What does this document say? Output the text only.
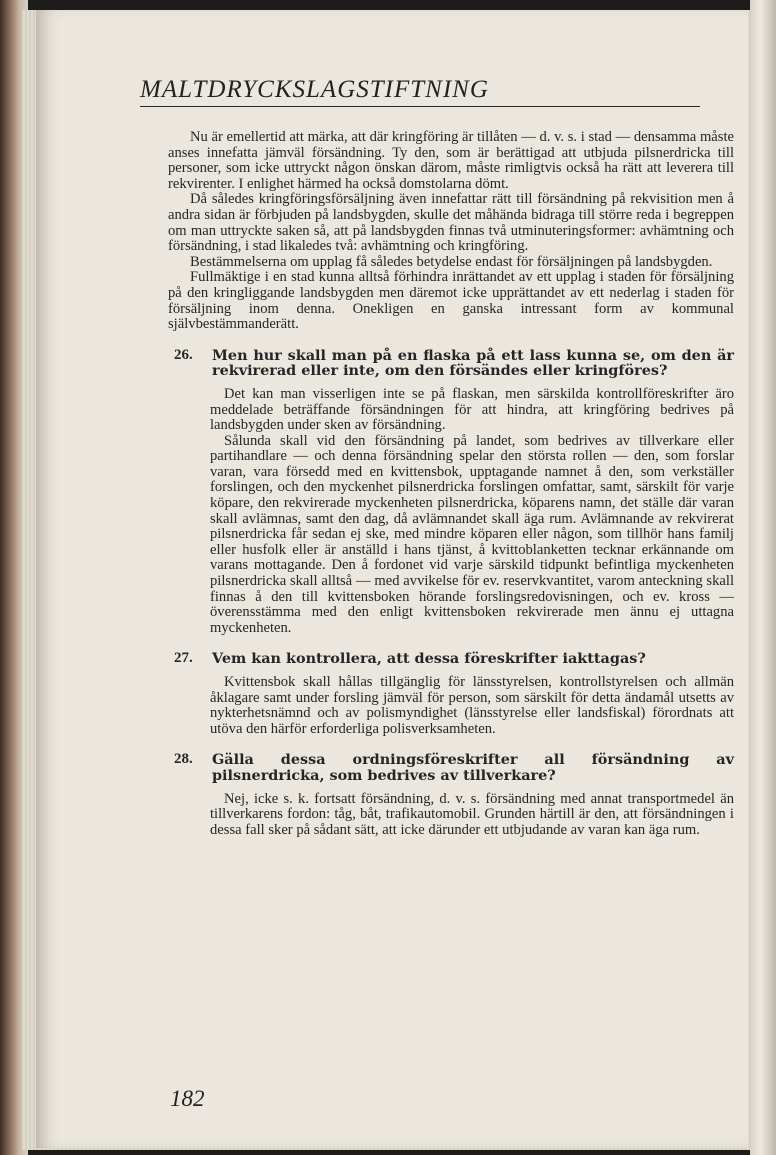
MALTDRYCKSLAGSTIFTNING

Nu är emellertid att märka, att där kringföring är tillåten — d. v. s. i stad — densamma måste anses innefatta jämväl försändning. Ty den, som är berättigad att utbjuda pilsnerdricka till personer, som icke uttryckt någon önskan därom, måste rimligtvis också ha rätt att leverera till rekvirenter. I enlighet härmed ha också domstolarna dömt.

Då således kringföringsförsäljning även innefattar rätt till försändning på rekvisition men å andra sidan är förbjuden på landsbygden, skulle det måhända bidraga till större reda i begreppen om man uttryckte saken så, att på landsbygden finnas två utminuteringsformer: avhämtning och försändning, i stad likaledes två: avhämtning och kringföring.

Bestämmelserna om upplag få således betydelse endast för försäljningen på landsbygden.

Fullmäktige i en stad kunna alltså förhindra inrättandet av ett upplag i staden för försäljning på den kringliggande landsbygden men däremot icke upprättandet av ett nederlag i staden för försäljning inom denna. Onekligen en ganska intressant form av kommunal självbestämmanderätt.

26.	Men hur skall man på en flaska på ett lass kunna se, om den är rekvirerad eller inte, om den försändes eller kringföres?

Det kan man visserligen inte se på flaskan, men särskilda kontrollföreskrifter äro meddelade beträffande försändningen för att hindra, att kringföring bedrives på landsbygden under sken av försändning.

Sålunda skall vid den försändning på landet, som bedrives av tillverkare eller partihandlare — och denna försändning spelar den största rollen — den, som forslar varan, vara försedd med en kvittensbok, upptagande namnet å den, som verkställer forslingen, och den myckenhet pilsnerdricka forslingen omfattar, samt, särskilt för varje köpare, den rekvirerade myckenheten pilsnerdricka, köparens namn, det ställe där varan skall avlämnas, samt den dag, då avlämnandet skall äga rum. Avlämnande av rekvirerat pilsnerdricka får sedan ej ske, med mindre köparen eller någon, som tillhör hans familj eller husfolk eller är anställd i hans tjänst, å kvittoblanketten tecknar erkännande om varans mottagande. Den å fordonet vid varje särskild tidpunkt befintliga myckenheten pilsnerdricka skall alltså — med avvikelse för ev. reservkvantitet, varom anteckning skall finnas å den till kvittensboken hörande forslingsredovisningen, och ev. kross — överensstämma med den enligt kvittensboken rekvirerade men ännu ej uttagna myckenheten.

27.	Vem kan kontrollera, att dessa föreskrifter iakttagas?

Kvittensbok skall hållas tillgänglig för länsstyrelsen, kontrollstyrelsen och allmän åklagare samt under forsling jämväl för person, som särskilt för detta ändamål utsetts av nykterhetsnämnd och av polismyndighet (länsstyrelse eller landsfiskal) förordnats att utöva den härför erforderliga polisverksamheten.

28.	Gälla dessa ordningsföreskrifter all försändning av pilsnerdricka, som bedrives av tillverkare?

Nej, icke s. k. fortsatt försändning, d. v. s. försändning med annat transportmedel än tillverkarens fordon: tåg, båt, trafikautomobil. Grunden härtill är den, att försändningen i dessa fall sker på sådant sätt, att icke därunder ett utbjudande av varan kan äga rum.

182
